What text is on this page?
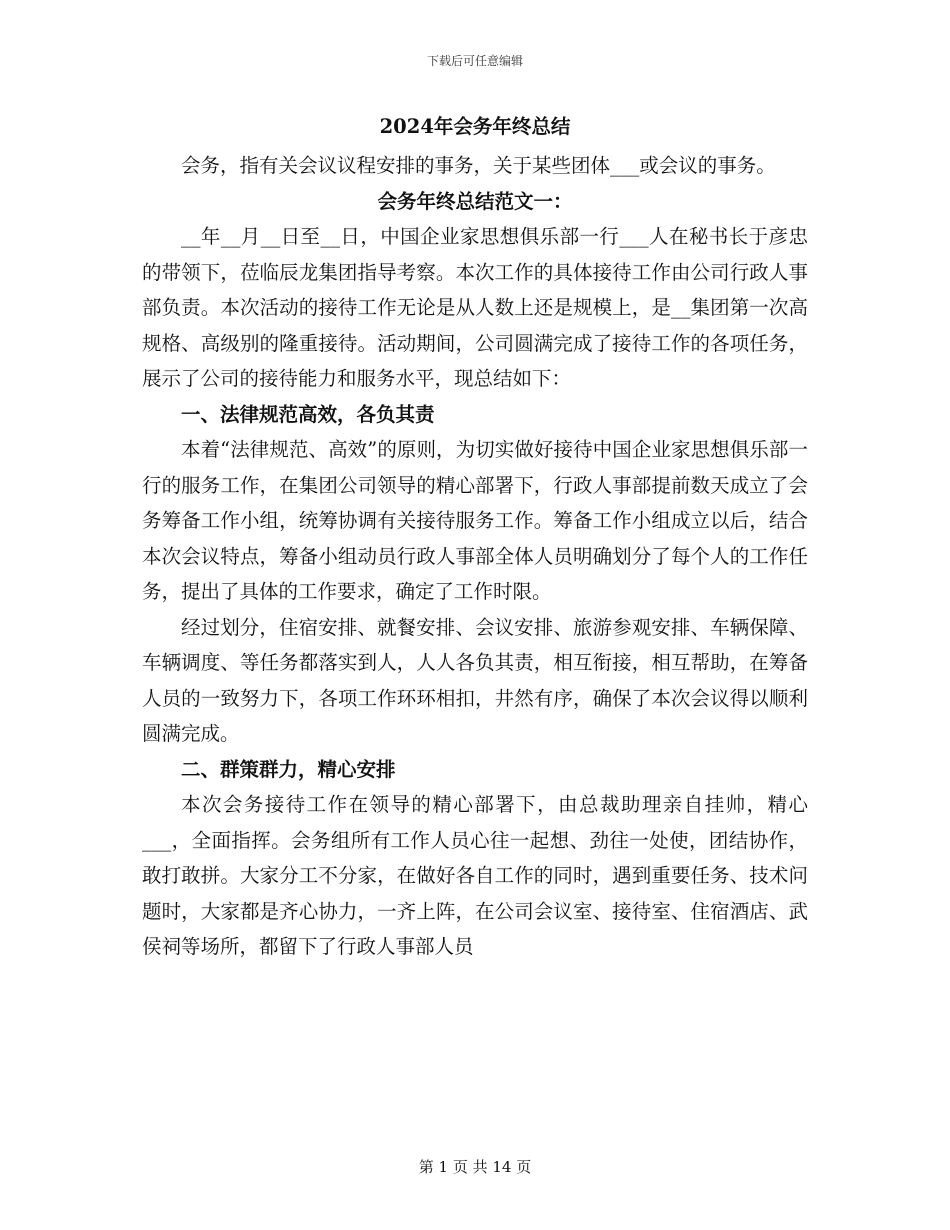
下载后可任意编辑

2024年会务年终总结

会务，指有关会议议程安排的事务，关于某些团体___或会议的事务。

会务年终总结范文一：

__年__月__日至__日，中国企业家思想俱乐部一行___人在秘书长于彦忠的带领下，莅临辰龙集团指导考察。本次工作的具体接待工作由公司行政人事部负责。本次活动的接待工作无论是从人数上还是规模上，是__集团第一次高规格、高级别的隆重接待。活动期间，公司圆满完成了接待工作的各项任务，展示了公司的接待能力和服务水平，现总结如下：

一、法律规范高效，各负其责

本着“法律规范、高效”的原则，为切实做好接待中国企业家思想俱乐部一行的服务工作，在集团公司领导的精心部署下，行政人事部提前数天成立了会务筹备工作小组，统筹协调有关接待服务工作。筹备工作小组成立以后，结合本次会议特点，筹备小组动员行政人事部全体人员明确划分了每个人的工作任务，提出了具体的工作要求，确定了工作时限。

经过划分，住宿安排、就餐安排、会议安排、旅游参观安排、车辆保障、车辆调度、等任务都落实到人，人人各负其责，相互衔接，相互帮助，在筹备人员的一致努力下，各项工作环环相扣，井然有序，确保了本次会议得以顺利圆满完成。

二、群策群力，精心安排

本次会务接待工作在领导的精心部署下，由总裁助理亲自挂帅，精心___，全面指挥。会务组所有工作人员心往一起想、劲往一处使，团结协作，敢打敢拼。大家分工不分家，在做好各自工作的同时，遇到重要任务、技术问题时，大家都是齐心协力，一齐上阵，在公司会议室、接待室、住宿酒店、武侯祠等场所，都留下了行政人事部人员

第 1 页 共 14 页
